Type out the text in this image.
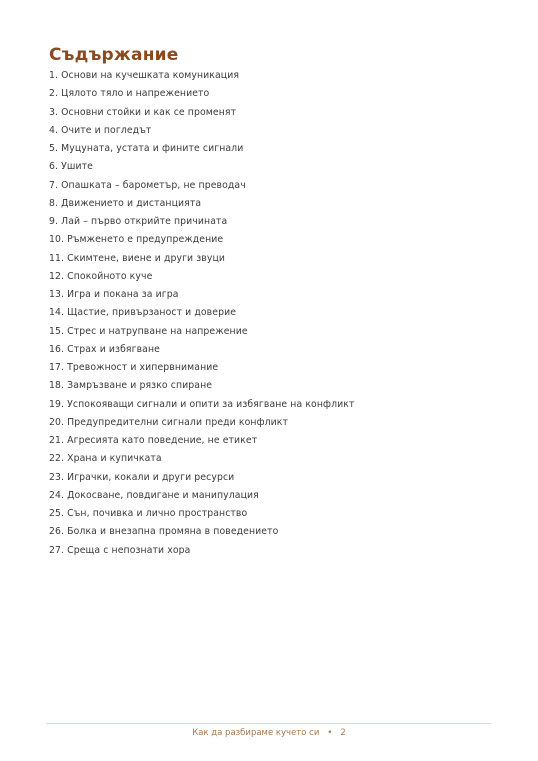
Съдържание
1. Основи на кучешката комуникация
2. Цялото тяло и напрежението
3. Основни стойки и как се променят
4. Очите и погледът
5. Муцуната, устата и фините сигнали
6. Ушите
7. Опашката – барометър, не преводач
8. Движението и дистанцията
9. Лай – първо открийте причината
10. Ръмженето е предупреждение
11. Скимтене, виене и други звуци
12. Спокойното куче
13. Игра и покана за игра
14. Щастие, привързаност и доверие
15. Стрес и натрупване на напрежение
16. Страх и избягване
17. Тревожност и хипервнимание
18. Замръзване и рязко спиране
19. Успокояващи сигнали и опити за избягване на конфликт
20. Предупредителни сигнали преди конфликт
21. Агресията като поведение, не етикет
22. Храна и купичката
23. Играчки, кокали и други ресурси
24. Докосване, повдигане и манипулация
25. Сън, почивка и лично пространство
26. Болка и внезапна промяна в поведението
27. Среща с непознати хора
Как да разбираме кучето си • 2
